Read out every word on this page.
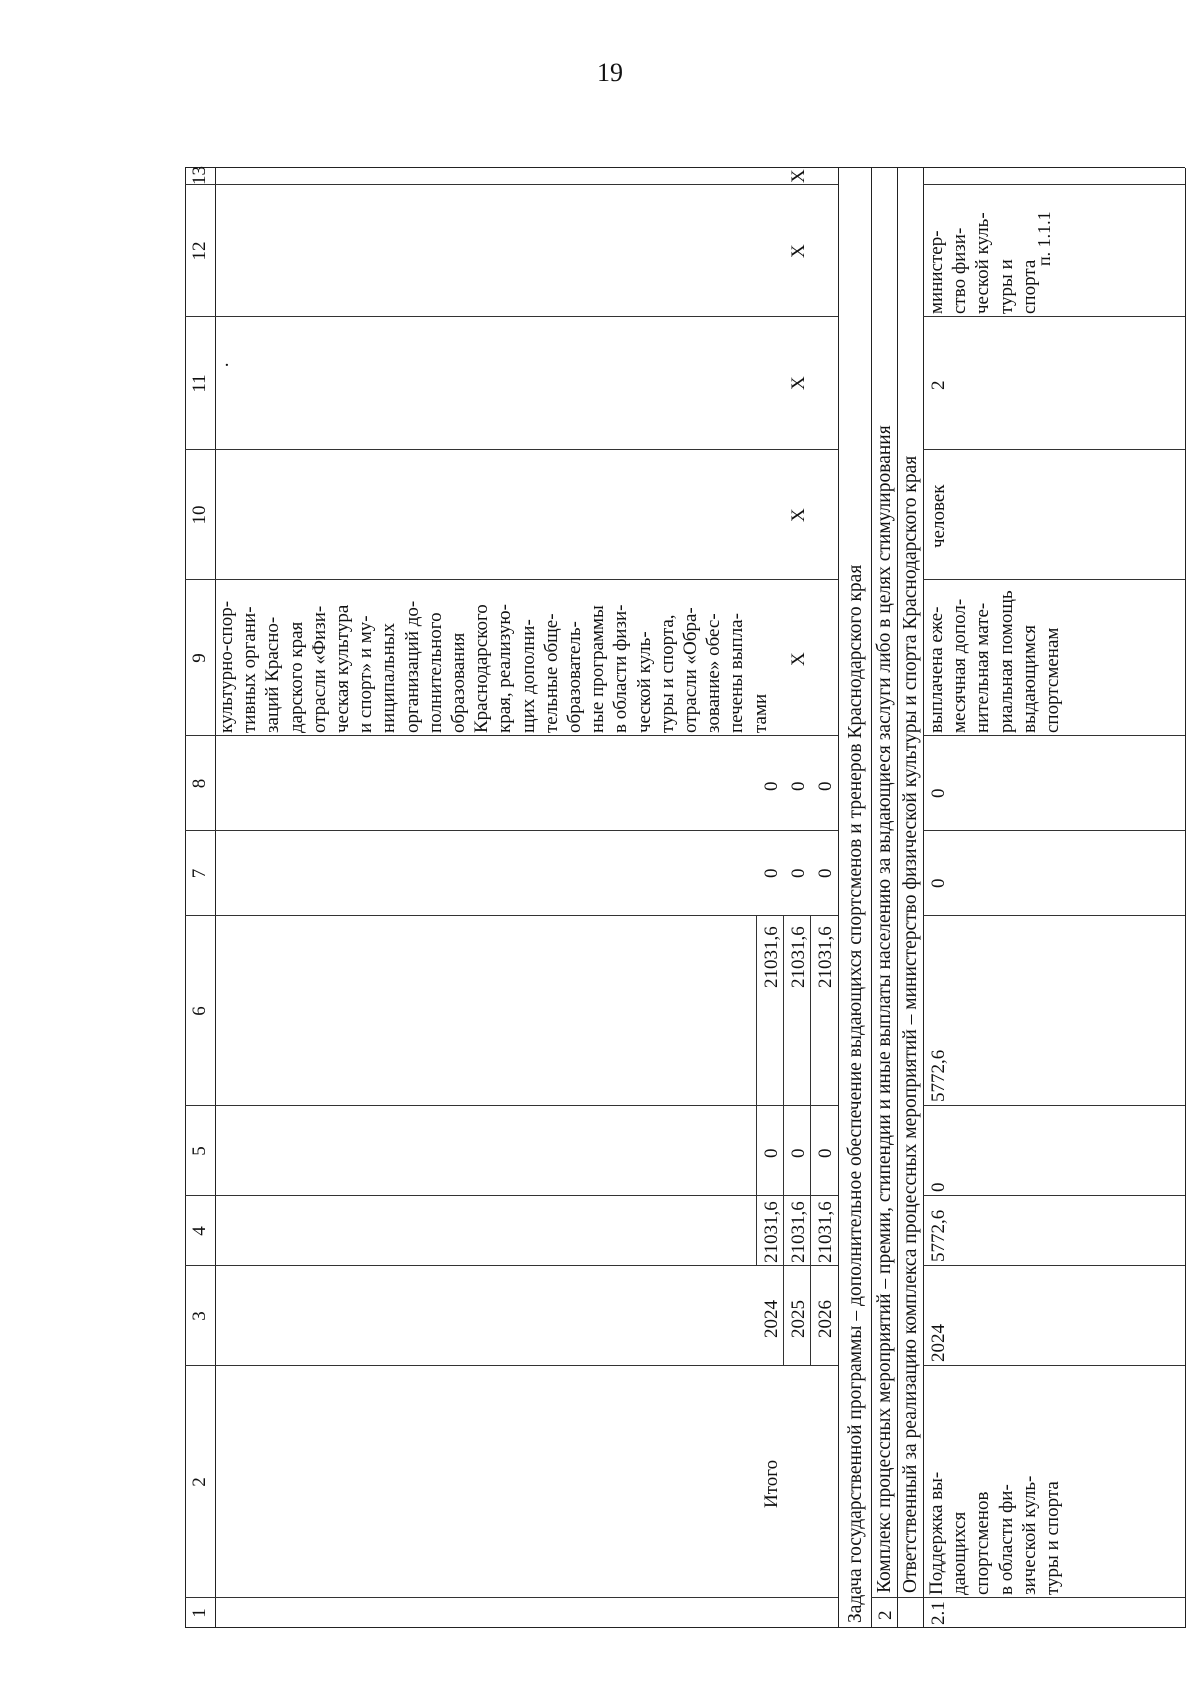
19
1
2
3
4
5
6
7
8
9
10
11
12
13
культурно-спор- тивных органи- заций Красно- дарского края отрасли «Физи- ческая культура и спорт» и му- ниципальных организаций до- полнительного образования Краснодарского края, реализую- щих дополни- тельные обще- образователь- ные программы в области физи- ческой куль- туры и спорта, отрасли «Обра- зование» обес- печены выпла- тами
Итого
2024 2025 2026
21031,6 21031,6 21031,6
0 0 0
21031,6 21031,6 21031,6
0 0 0
0 0 0
Х
Х
Х
Х
Х
·
Задача государственной программы – дополнительное обеспечение выдающихся спортсменов и тренеров Краснодарского края 2
Комплекс процессных мероприятий – премии, стипендии и иные выплаты населению за выдающиеся заслуги либо в целях стимулирования Ответственный за реализацию комплекса процессных мероприятий – министерство физической культуры и спорта Краснодарского края
2.1
Поддержка вы- дающихся спортсменов в области фи- зической куль- туры и спорта
2024
5772,6
0
5772,6
0
0
выплачена еже- месячная допол- нительная мате- риальная помощь выдающимся спортсменам
человек
2
министер- ство физи- ческой куль- туры и спорта
п. 1.1.1
